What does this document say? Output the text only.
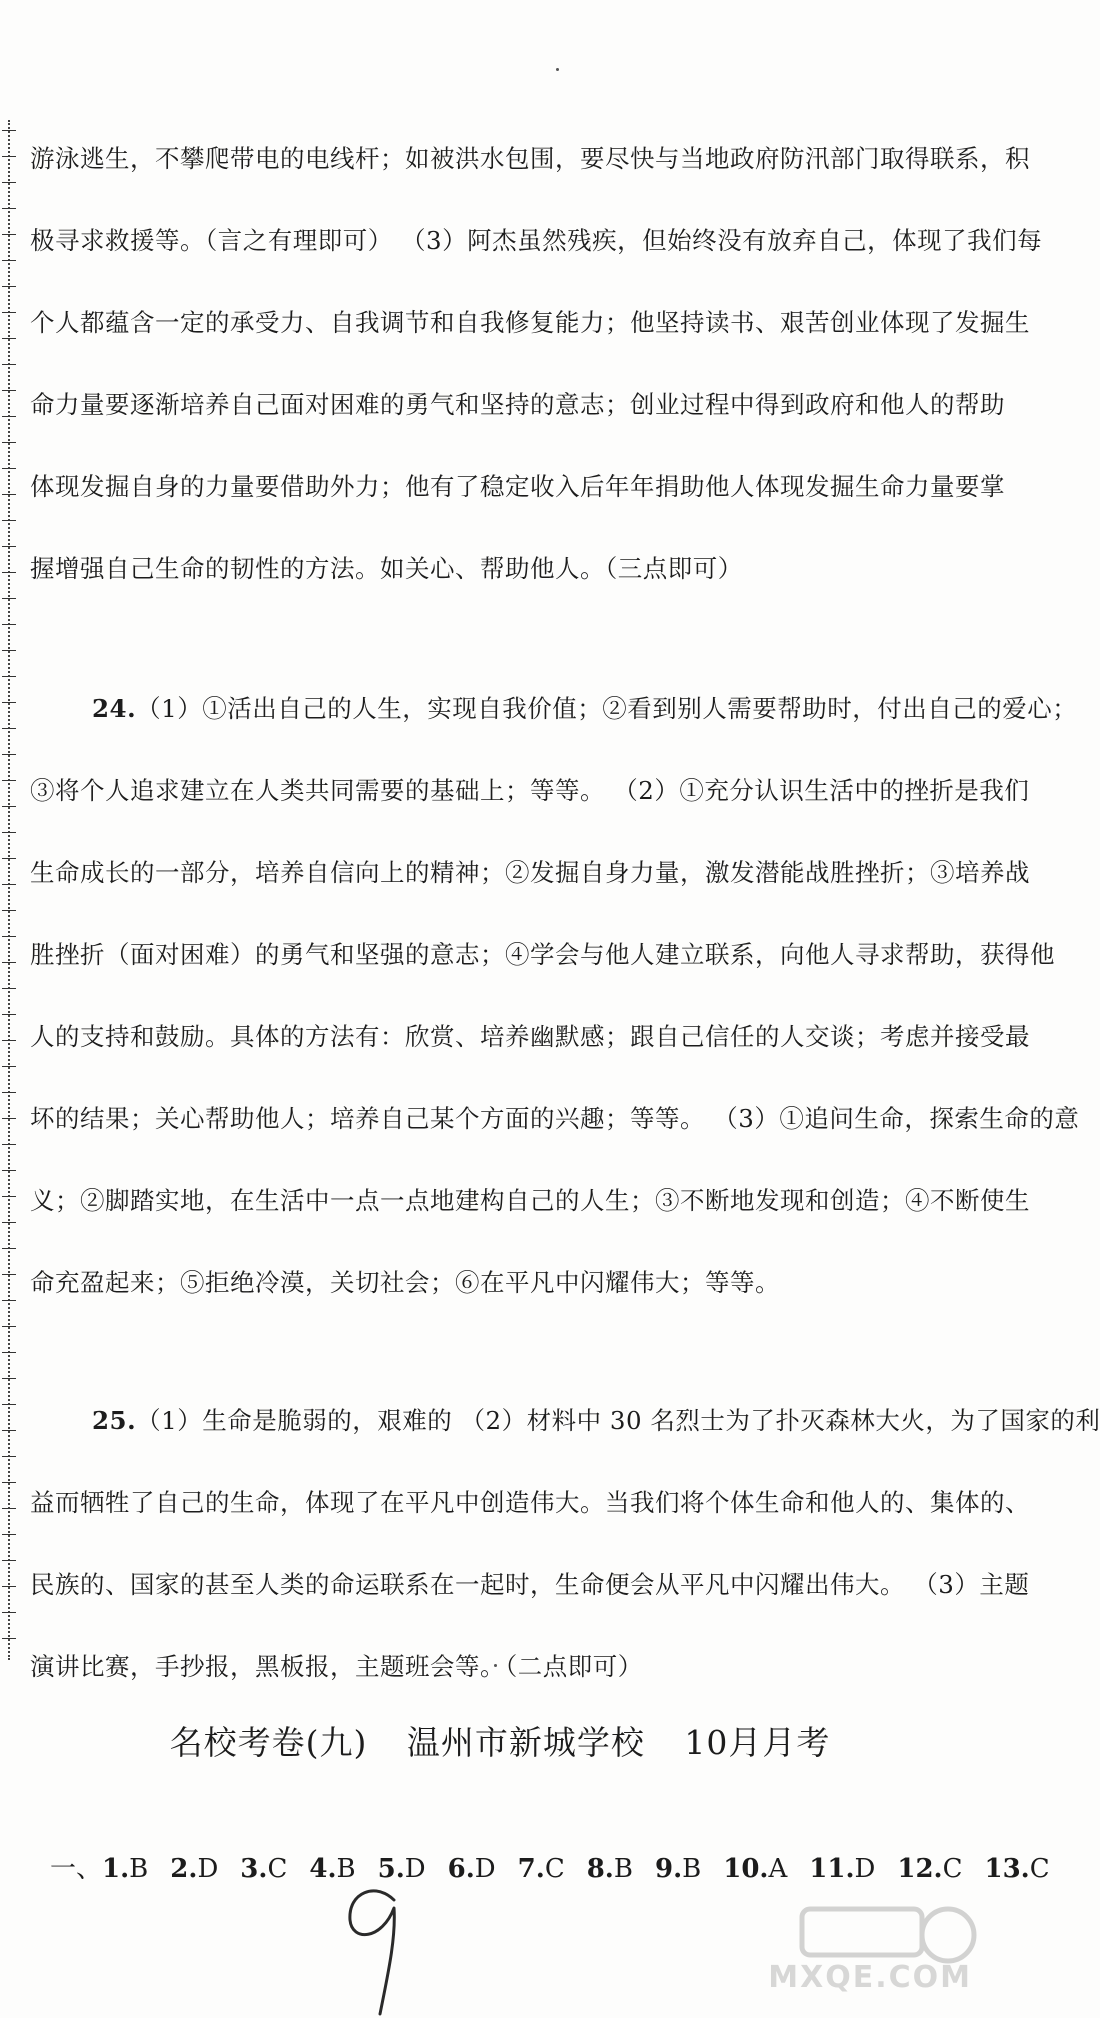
游泳逃生，不攀爬带电的电线杆；如被洪水包围，要尽快与当地政府防汛部门取得联系，积
极寻求救援等。（言之有理即可） （3）阿杰虽然残疾，但始终没有放弃自己，体现了我们每
个人都蕴含一定的承受力、自我调节和自我修复能力；他坚持读书、艰苦创业体现了发掘生
命力量要逐渐培养自己面对困难的勇气和坚持的意志；创业过程中得到政府和他人的帮助
体现发掘自身的力量要借助外力；他有了稳定收入后年年捐助他人体现发掘生命力量要掌
握增强自己生命的韧性的方法。如关心、帮助他人。（三点即可）
24.（1）①活出自己的人生，实现自我价值；②看到别人需要帮助时，付出自己的爱心；
③将个人追求建立在人类共同需要的基础上；等等。 （2）①充分认识生活中的挫折是我们
生命成长的一部分，培养自信向上的精神；②发掘自身力量，激发潜能战胜挫折；③培养战
胜挫折（面对困难）的勇气和坚强的意志；④学会与他人建立联系，向他人寻求帮助，获得他
人的支持和鼓励。具体的方法有：欣赏、培养幽默感；跟自己信任的人交谈；考虑并接受最
坏的结果；关心帮助他人；培养自己某个方面的兴趣；等等。 （3）①追问生命，探索生命的意
义；②脚踏实地，在生活中一点一点地建构自己的人生；③不断地发现和创造；④不断使生
命充盈起来；⑤拒绝冷漠，关切社会；⑥在平凡中闪耀伟大；等等。
25.（1）生命是脆弱的，艰难的 （2）材料中 30 名烈士为了扑灭森林大火，为了国家的利
益而牺牲了自己的生命，体现了在平凡中创造伟大。当我们将个体生命和他人的、集体的、
民族的、国家的甚至人类的命运联系在一起时，生命便会从平凡中闪耀出伟大。 （3）主题
演讲比赛，手抄报，黑板报，主题班会等。（二点即可）
名校考卷(九) 温州市新城学校 10月月考
一、1.B 2.D 3.C 4.B 5.D 6.D 7.C 8.B 9.B 10.A 11.D 12.C 13.C
MXQE.COM
